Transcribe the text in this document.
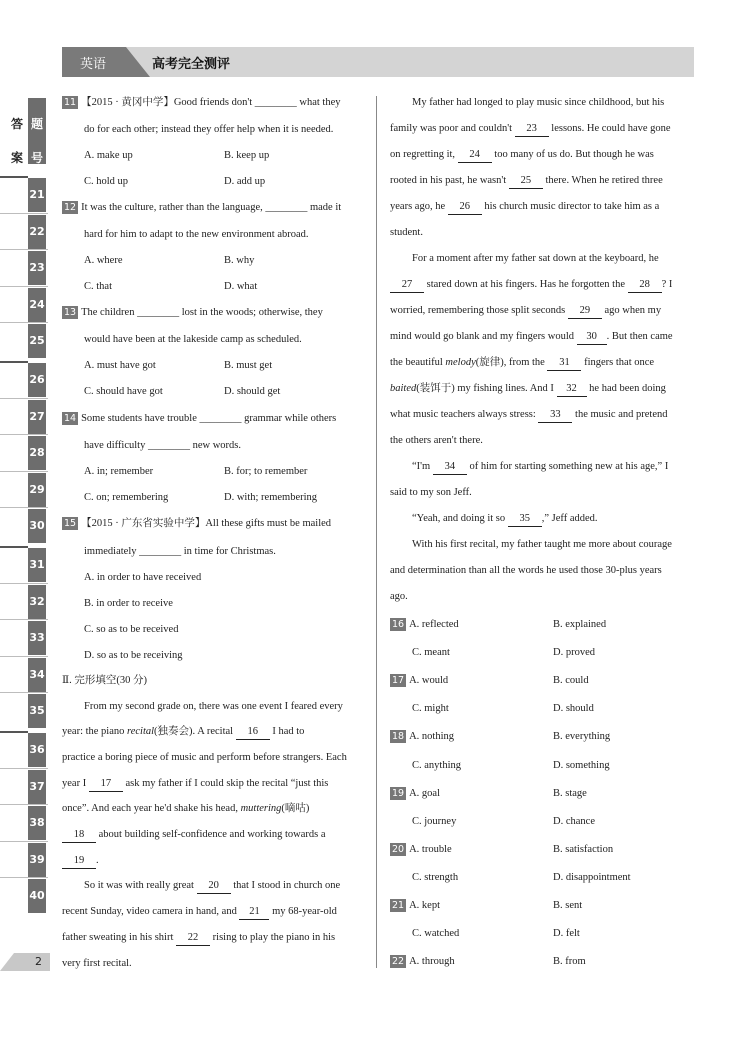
英语	高考完全测评
答
案
题
号
21
22
23
24
25
26
27
28
29
30
31
32
33
34
35
36
37
38
39
40
2
11 【2015 · 黄冈中学】Good friends don't ________ what they
do for each other; instead they offer help when it is needed.
A. make up	B. keep up
C. hold up	D. add up
12 It was the culture, rather than the language, ________ made it
hard for him to adapt to the new environment abroad.
A. where	B. why
C. that	D. what
13 The children ________ lost in the woods; otherwise, they
would have been at the lakeside camp as scheduled.
A. must have got	B. must get
C. should have got	D. should get
14 Some students have trouble ________ grammar while others
have difficulty ________ new words.
A. in; remember	B. for; to remember
C. on; remembering	D. with; remembering
15 【2015 · 广东省实验中学】All these gifts must be mailed
immediately ________ in time for Christmas.
A. in order to have received
B. in order to receive
C. so as to be received
D. so as to be receiving
Ⅱ. 完形填空(30 分)
From my second grade on, there was one event I feared every
year: the piano recital(独奏会). A recital 16 I had to
practice a boring piece of music and perform before strangers. Each
year I 17 ask my father if I could skip the recital “just this
once”. And each year he'd shake his head, muttering(嘀咕)
18 about building self-confidence and working towards a
19 .
So it was with really great 20 that I stood in church one
recent Sunday, video camera in hand, and 21 my 68-year-old
father sweating in his shirt 22 rising to play the piano in his
very first recital.
My father had longed to play music since childhood, but his
family was poor and couldn't 23 lessons. He could have gone
on regretting it, 24 too many of us do. But though he was
rooted in his past, he wasn't 25 there. When he retired three
years ago, he 26 his church music director to take him as a
student.
For a moment after my father sat down at the keyboard, he
27 stared down at his fingers. Has he forgotten the 28 ? I
worried, remembering those split seconds 29 ago when my
mind would go blank and my fingers would 30 . But then came
the beautiful melody(旋律), from the 31 fingers that once
baited(装饵于) my fishing lines. And I 32 he had been doing
what music teachers always stress: 33 the music and pretend
the others aren't there.
“I'm 34 of him for starting something new at his age,” I
said to my son Jeff.
“Yeah, and doing it so 35 ,” Jeff added.
With his first recital, my father taught me more about courage
and determination than all the words he used those 30-plus years
ago.
16 A. reflected	B. explained
C. meant	D. proved
17 A. would	B. could
C. might	D. should
18 A. nothing	B. everything
C. anything	D. something
19 A. goal	B. stage
C. journey	D. chance
20 A. trouble	B. satisfaction
C. strength	D. disappointment
21 A. kept	B. sent
C. watched	D. felt
22 A. through	B. from
